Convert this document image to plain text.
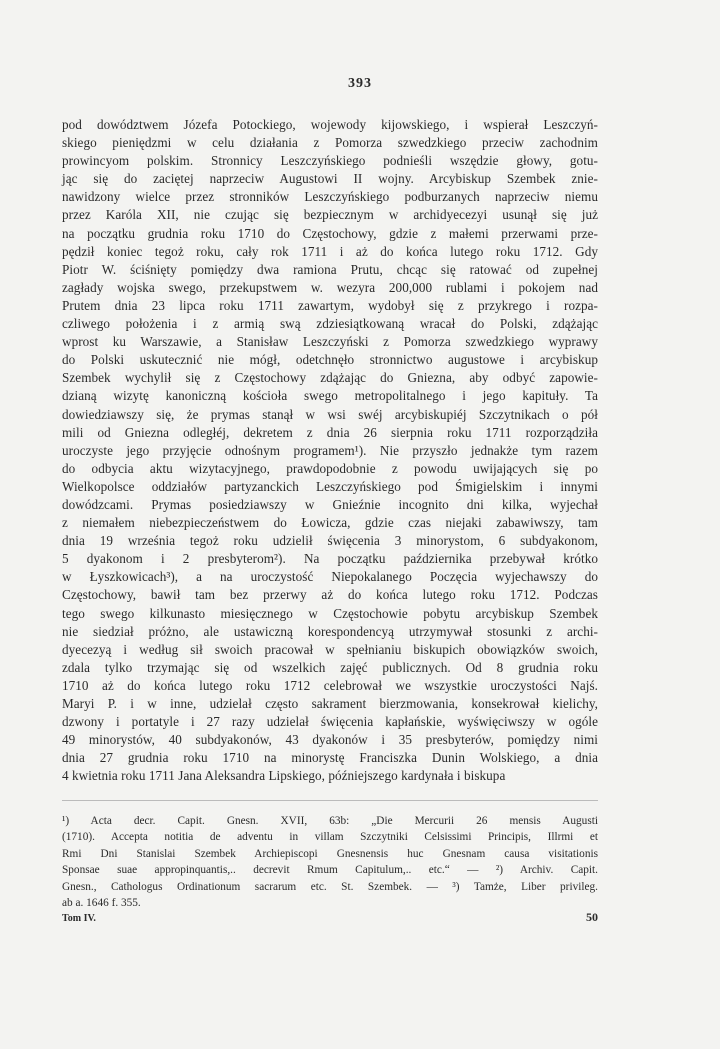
393
pod dowództwem Józefa Potockiego, wojewody kijowskiego, i wspierał Leszczyń-
skiego pieniędzmi w celu działania z Pomorza szwedzkiego przeciw zachodnim
prowincyom polskim. Stronnicy Leszczyńskiego podnieśli wszędzie głowy, gotu-
jąc się do zaciętej naprzeciw Augustowi II wojny. Arcybiskup Szembek znie-
nawidzony wielce przez stronników Leszczyńskiego podburzanych naprzeciw niemu
przez Karóla XII, nie czując się bezpiecznym w archidyecezyi usunął się już
na początku grudnia roku 1710 do Częstochowy, gdzie z małemi przerwami prze-
pędził koniec tegoż roku, cały rok 1711 i aż do końca lutego roku 1712. Gdy
Piotr W. ściśnięty pomiędzy dwa ramiona Prutu, chcąc się ratować od zupełnej
zagłady wojska swego, przekupstwem w. wezyra 200,000 rublami i pokojem nad
Prutem dnia 23 lipca roku 1711 zawartym, wydobył się z przykrego i rozpa-
czliwego położenia i z armią swą zdziesiątkowaną wracał do Polski, zdążając
wprost ku Warszawie, a Stanisław Leszczyński z Pomorza szwedzkiego wyprawy
do Polski uskutecznić nie mógł, odetchnęło stronnictwo augustowe i arcybiskup
Szembek wychylił się z Częstochowy zdążając do Gniezna, aby odbyć zapowie-
dzianą wizytę kanoniczną kościoła swego metropolitalnego i jego kapituły. Ta
dowiedziawszy się, że prymas stanął w wsi swéj arcybiskupiéj Szczytnikach o pół
mili od Gniezna odległéj, dekretem z dnia 26 sierpnia roku 1711 rozporządziła
uroczyste jego przyjęcie odnośnym programem¹). Nie przyszło jednakże tym razem
do odbycia aktu wizytacyjnego, prawdopodobnie z powodu uwijających się po
Wielkopolsce oddziałów partyzanckich Leszczyńskiego pod Śmigielskim i innymi
dowódzcami. Prymas posiedziawszy w Gnieźnie incognito dni kilka, wyjechał
z niemałem niebezpieczeństwem do Łowicza, gdzie czas niejaki zabawiwszy, tam
dnia 19 września tegoż roku udzielił święcenia 3 minorystom, 6 subdyakonom,
5 dyakonom i 2 presbyterom²). Na początku października przebywał krótko
w Łyszkowicach³), a na uroczystość Niepokalanego Poczęcia wyjechawszy do
Częstochowy, bawił tam bez przerwy aż do końca lutego roku 1712. Podczas
tego swego kilkunasto miesięcznego w Częstochowie pobytu arcybiskup Szembek
nie siedział próżno, ale ustawiczną korespondencyą utrzymywał stosunki z archi-
dyecezyą i według sił swoich pracował w spełnianiu biskupich obowiązków swoich,
zdala tylko trzymając się od wszelkich zajęć publicznych. Od 8 grudnia roku
1710 aż do końca lutego roku 1712 celebrował we wszystkie uroczystości Najś.
Maryi P. i w inne, udzielał często sakrament bierzmowania, konsekrował kielichy,
dzwony i portatyle i 27 razy udzielał święcenia kapłańskie, wyświęciwszy w ogóle
49 minorystów, 40 subdyakonów, 43 dyakonów i 35 presbyterów, pomiędzy nimi
dnia 27 grudnia roku 1710 na minorystę Franciszka Dunin Wolskiego, a dnia
4 kwietnia roku 1711 Jana Aleksandra Lipskiego, późniejszego kardynała i biskupa
¹) Acta decr. Capit. Gnesn. XVII, 63b: „Die Mercurii 26 mensis Augusti
(1710). Accepta notitia de adventu in villam Szczytniki Celsissimi Principis, Illrmi et
Rmi Dni Stanislai Szembek Archiepiscopi Gnesnensis huc Gnesnam causa visitationis
Sponsae suae appropinquantis,.. decrevit Rmum Capitulum,.. etc.“ — ²) Archiv. Capit.
Gnesn., Cathologus Ordinationum sacrarum etc. St. Szembek. — ³) Tamże, Liber privileg.
ab a. 1646 f. 355.
Tom IV.	50
